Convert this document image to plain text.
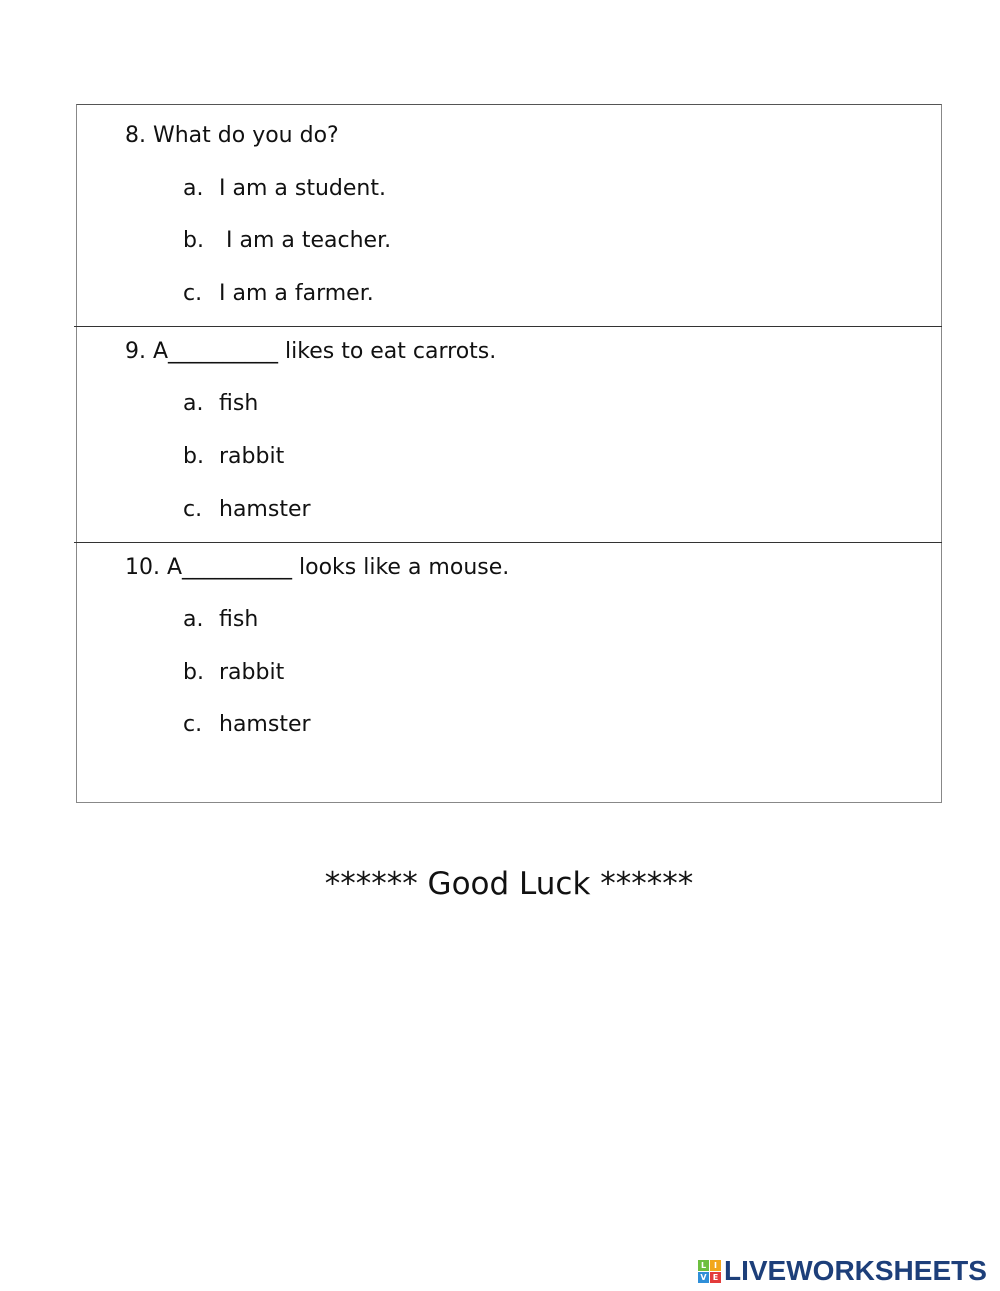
8. What do you do?
a. I am a student.
b. I am a teacher.
c. I am a farmer.
9. A__________ likes to eat carrots.
a. fish
b. rabbit
c. hamster
10. A__________ looks like a mouse.
a. fish
b. rabbit
c. hamster
****** Good Luck ******
L I
V E LIVEWORKSHEETS
